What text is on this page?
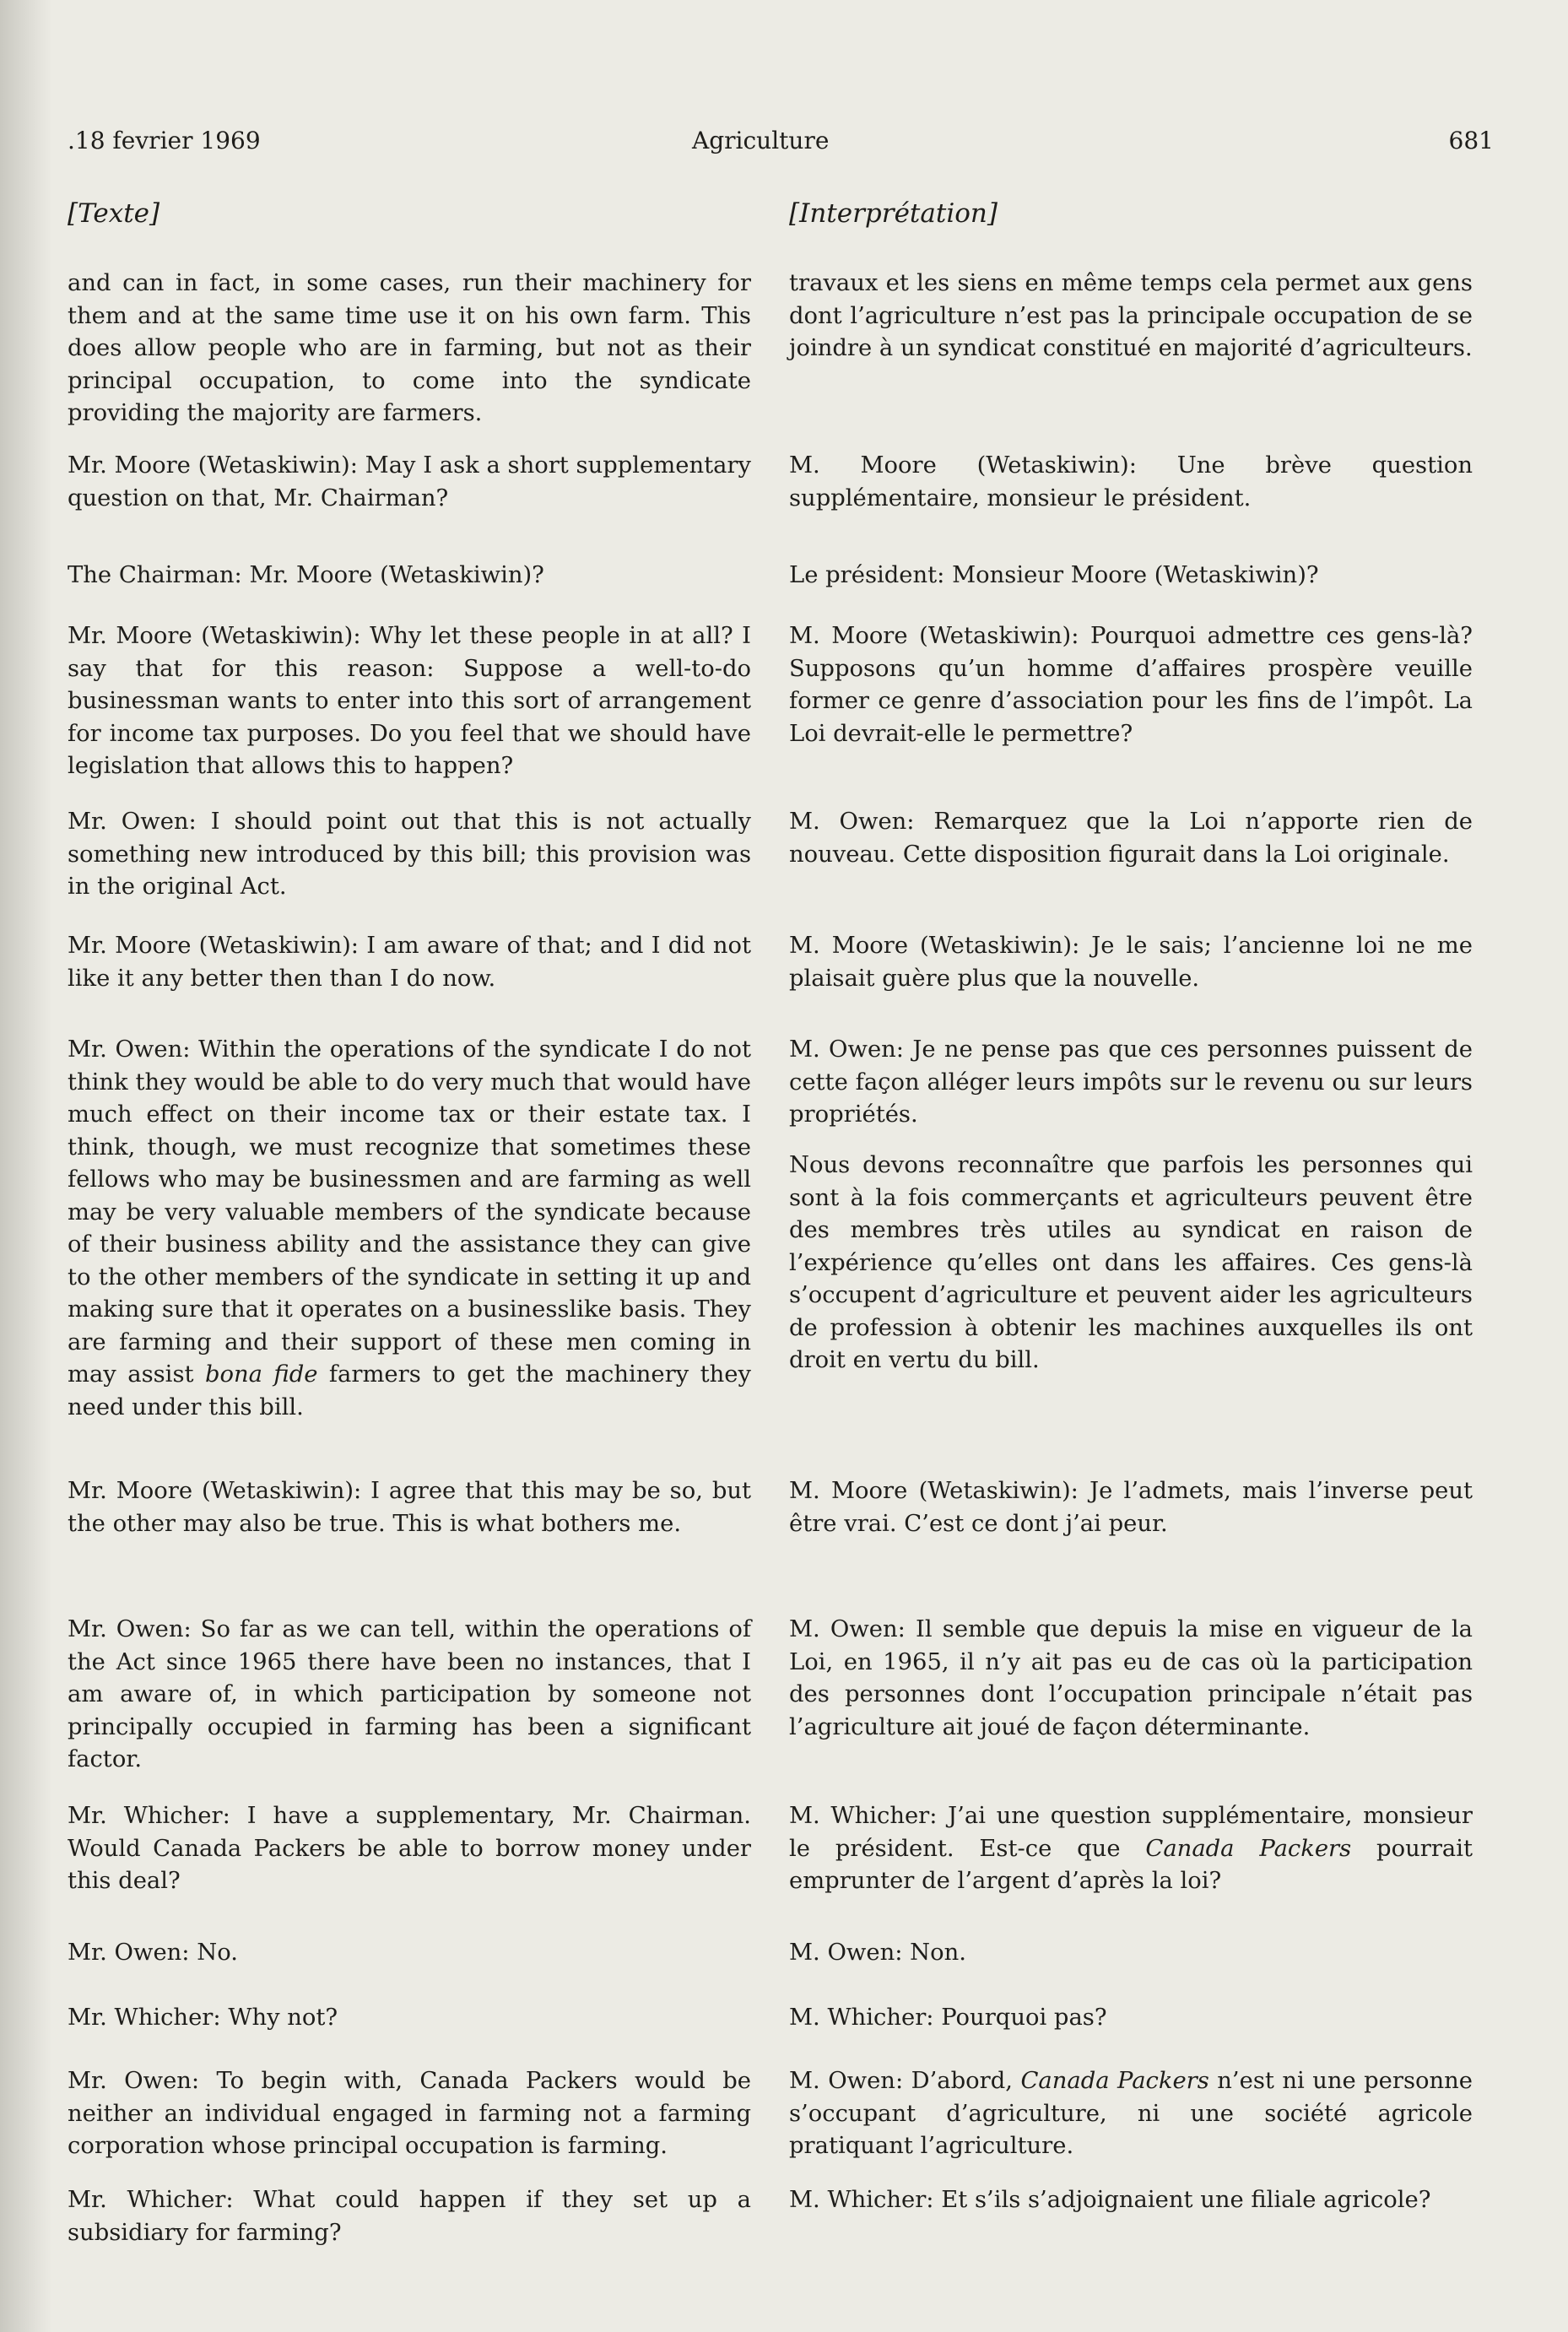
.18 fevrier 1969	Agriculture	681
[Texte]

and can in fact, in some cases, run their machinery for them and at the same time use it on his own farm. This does allow people who are in farming, but not as their principal occupation, to come into the syndicate providing the majority are farmers.

Mr. Moore (Wetaskiwin): May I ask a short supplementary question on that, Mr. Chairman?

The Chairman: Mr. Moore (Wetaskiwin)?

Mr. Moore (Wetaskiwin): Why let these people in at all? I say that for this reason: Suppose a well-to-do businessman wants to enter into this sort of arrangement for income tax purposes. Do you feel that we should have legislation that allows this to happen?

Mr. Owen: I should point out that this is not actually something new introduced by this bill; this provision was in the original Act.

Mr. Moore (Wetaskiwin): I am aware of that; and I did not like it any better then than I do now.

Mr. Owen: Within the operations of the syndicate I do not think they would be able to do very much that would have much effect on their income tax or their estate tax. I think, though, we must recognize that sometimes these fellows who may be businessmen and are farming as well may be very valuable members of the syndicate because of their business ability and the assistance they can give to the other members of the syndicate in setting it up and making sure that it operates on a businesslike basis. They are farming and their support of these men coming in may assist bona fide farmers to get the machinery they need under this bill.

Mr. Moore (Wetaskiwin): I agree that this may be so, but the other may also be true. This is what bothers me.

Mr. Owen: So far as we can tell, within the operations of the Act since 1965 there have been no instances, that I am aware of, in which participation by someone not principally occupied in farming has been a significant factor.

Mr. Whicher: I have a supplementary, Mr. Chairman. Would Canada Packers be able to borrow money under this deal?

Mr. Owen: No.

Mr. Whicher: Why not?

Mr. Owen: To begin with, Canada Packers would be neither an individual engaged in farming not a farming corporation whose principal occupation is farming.

Mr. Whicher: What could happen if they set up a subsidiary for farming?

[Interprétation]

travaux et les siens en même temps cela permet aux gens dont l’agriculture n’est pas la principale occupation de se joindre à un syndicat constitué en majorité d’agriculteurs.

M. Moore (Wetaskiwin): Une brève question supplémentaire, monsieur le président.

Le président: Monsieur Moore (Wetaskiwin)?

M. Moore (Wetaskiwin): Pourquoi admettre ces gens-là? Supposons qu’un homme d’affaires prospère veuille former ce genre d’association pour les fins de l’impôt. La Loi devrait-elle le permettre?

M. Owen: Remarquez que la Loi n’apporte rien de nouveau. Cette disposition figurait dans la Loi originale.

M. Moore (Wetaskiwin): Je le sais; l’ancienne loi ne me plaisait guère plus que la nouvelle.

M. Owen: Je ne pense pas que ces personnes puissent de cette façon alléger leurs impôts sur le revenu ou sur leurs propriétés.

Nous devons reconnaître que parfois les personnes qui sont à la fois commerçants et agriculteurs peuvent être des membres très utiles au syndicat en raison de l’expérience qu’elles ont dans les affaires. Ces gens-là s’occupent d’agriculture et peuvent aider les agriculteurs de profession à obtenir les machines auxquelles ils ont droit en vertu du bill.

M. Moore (Wetaskiwin): Je l’admets, mais l’inverse peut être vrai. C’est ce dont j’ai peur.

M. Owen: Il semble que depuis la mise en vigueur de la Loi, en 1965, il n’y ait pas eu de cas où la participation des personnes dont l’occupation principale n’était pas l’agriculture ait joué de façon déterminante.

M. Whicher: J’ai une question supplémentaire, monsieur le président. Est-ce que Canada Packers pourrait emprunter de l’argent d’après la loi?

M. Owen: Non.

M. Whicher: Pourquoi pas?

M. Owen: D’abord, Canada Packers n’est ni une personne s’occupant d’agriculture, ni une société agricole pratiquant l’agriculture.

M. Whicher: Et s’ils s’adjoignaient une filiale agricole?
